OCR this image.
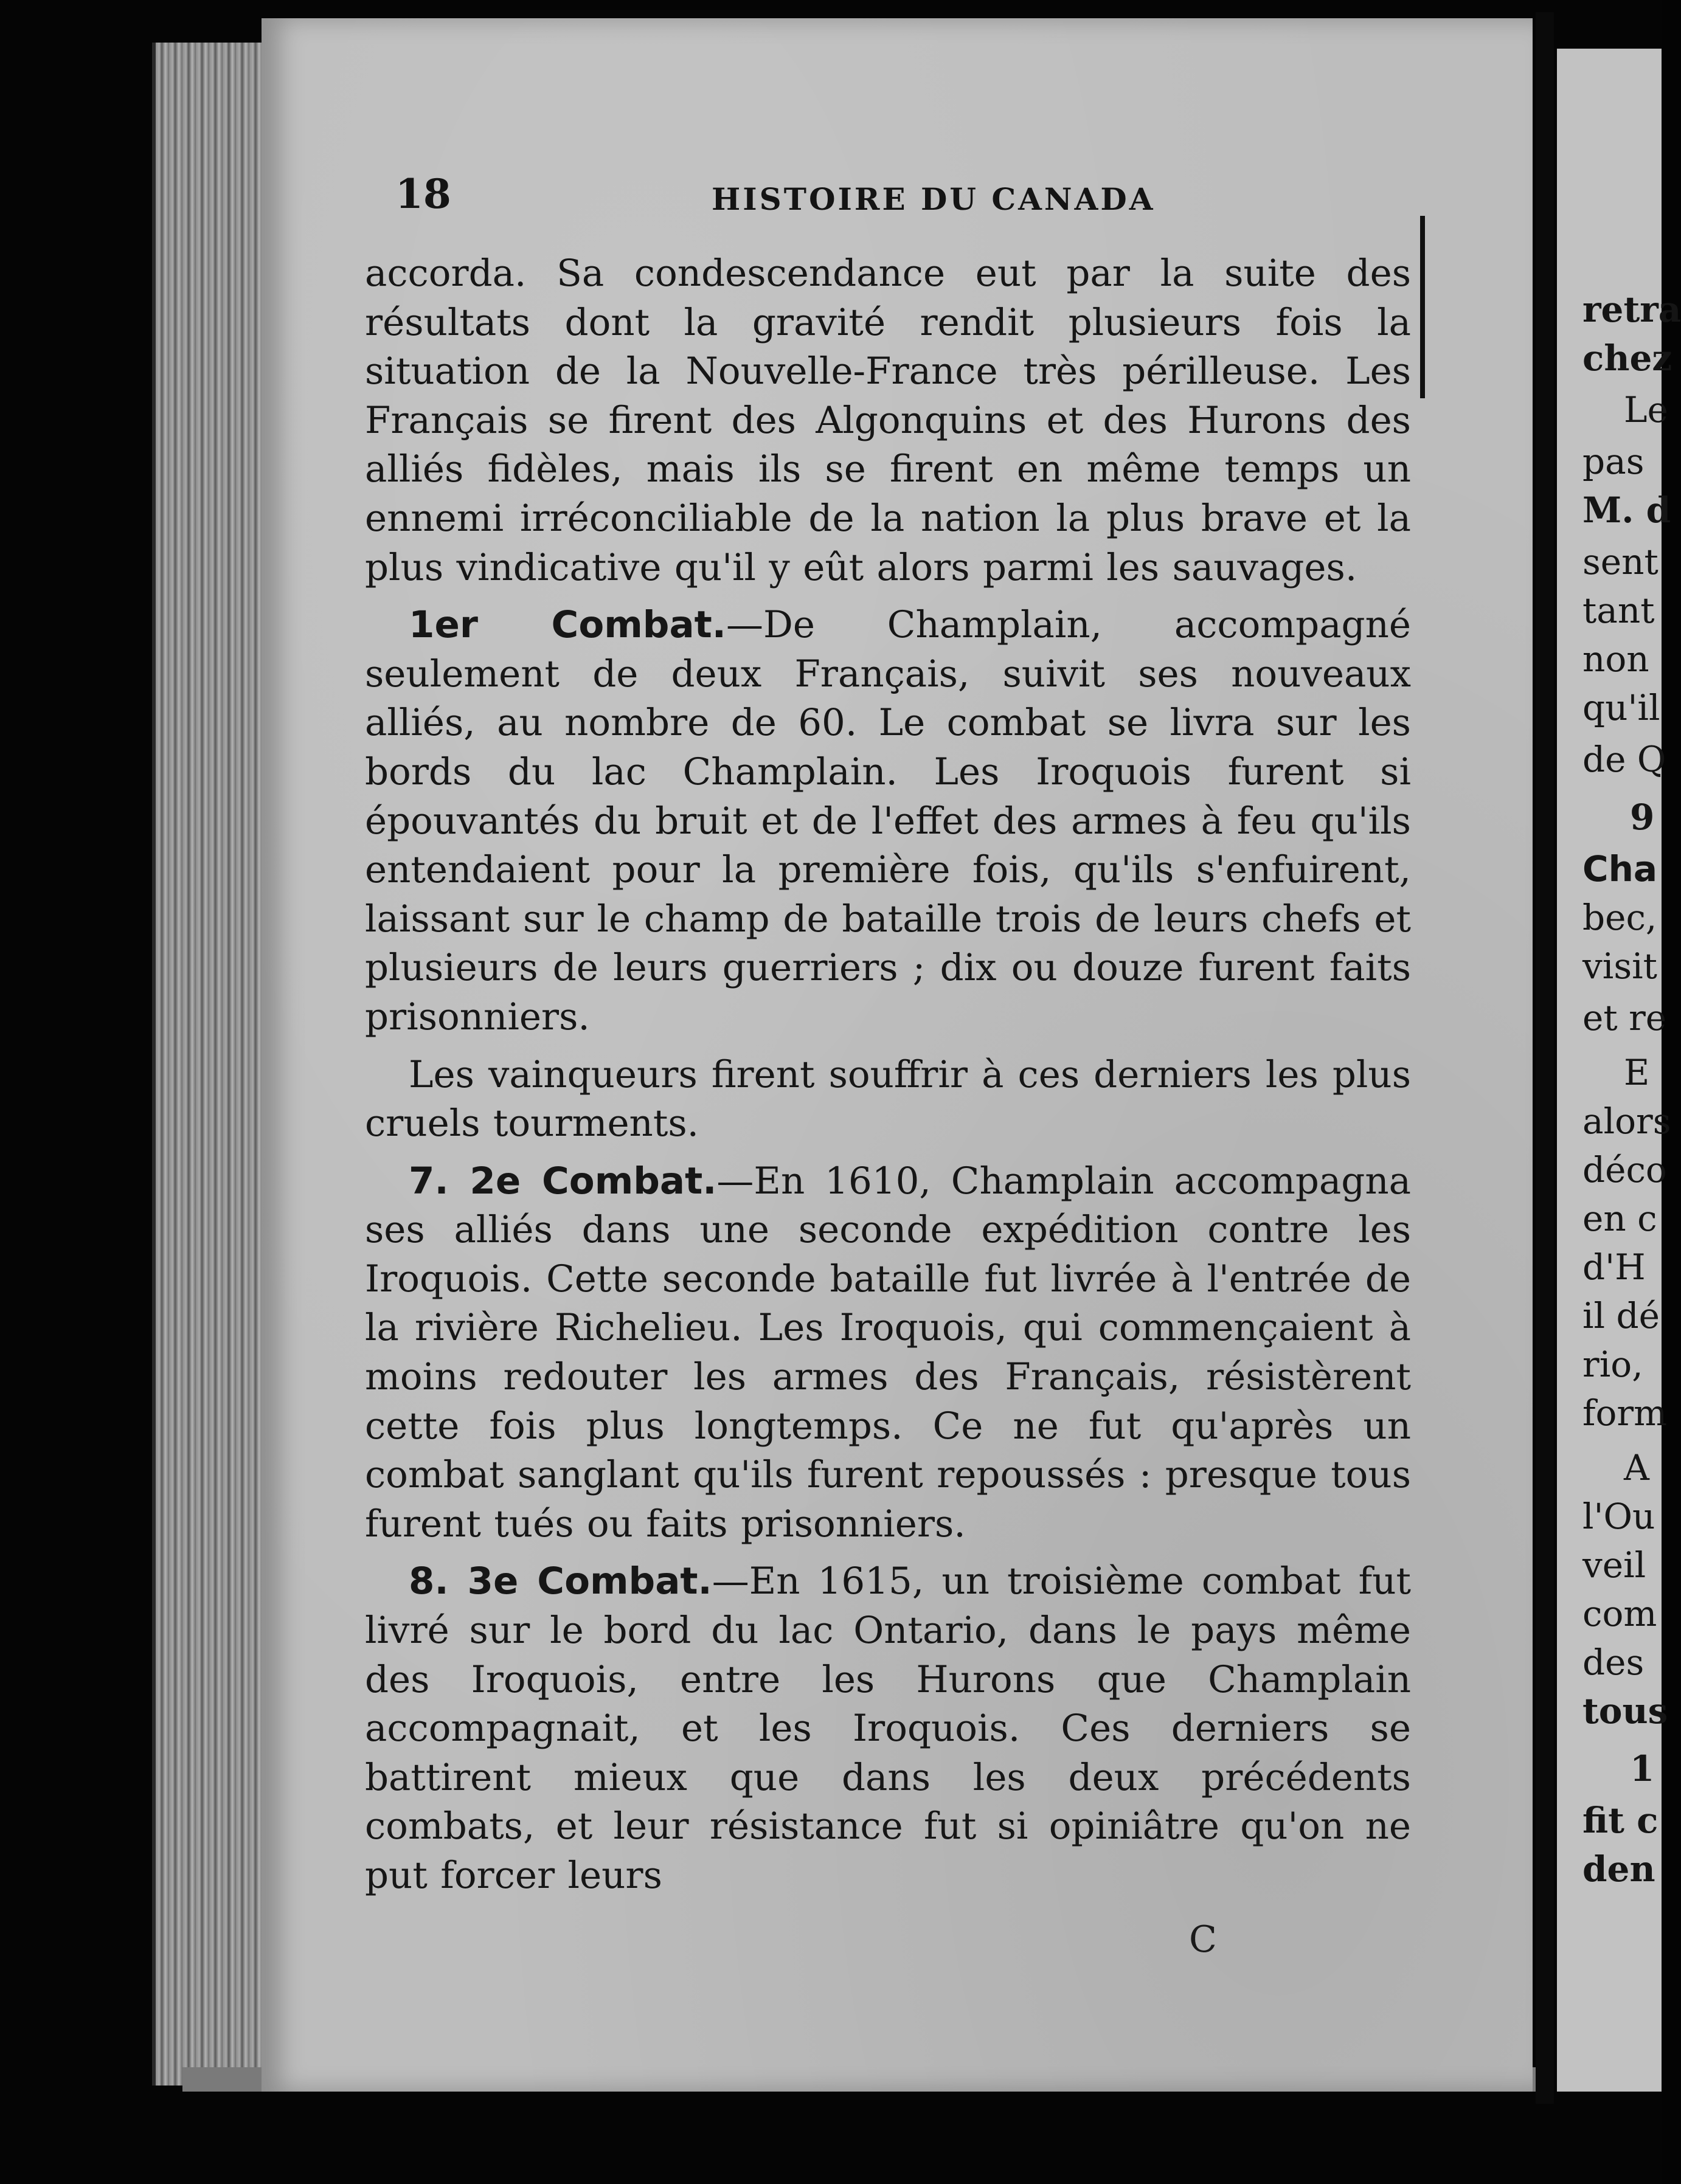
retra
chez
Le
pas
M. d
sent
tant
non
qu'il
de Q
9
Cha
bec,
visit
et re
E
alors
déco
en c
d'H
il dé
rio,
form
A
l'Ou
veil
com
des
tous
1
fit c
den
18	HISTOIRE DU CANADA

accorda. Sa condescendance eut par la suite des résultats dont la gravité rendit plusieurs fois la situation de la Nouvelle-France très périlleuse. Les Français se firent des Algonquins et des Hurons des alliés fidèles, mais ils se firent en même temps un ennemi irréconciliable de la nation la plus brave et la plus vindicative qu'il y eût alors parmi les sauvages.

1er Combat.—De Champlain, accompagné seulement de deux Français, suivit ses nouveaux alliés, au nombre de 60. Le combat se livra sur les bords du lac Champlain. Les Iroquois furent si épouvantés du bruit et de l'effet des armes à feu qu'ils entendaient pour la première fois, qu'ils s'enfuirent, laissant sur le champ de bataille trois de leurs chefs et plusieurs de leurs guerriers ; dix ou douze furent faits prisonniers.

Les vainqueurs firent souffrir à ces derniers les plus cruels tourments.

7. 2e Combat.—En 1610, Champlain accompagna ses alliés dans une seconde expédition contre les Iroquois. Cette seconde bataille fut livrée à l'entrée de la rivière Richelieu. Les Iroquois, qui commençaient à moins redouter les armes des Français, résistèrent cette fois plus longtemps. Ce ne fut qu'après un combat sanglant qu'ils furent repoussés : presque tous furent tués ou faits prisonniers.

8. 3e Combat.—En 1615, un troisième combat fut livré sur le bord du lac Ontario, dans le pays même des Iroquois, entre les Hurons que Champlain accompagnait, et les Iroquois. Ces derniers se battirent mieux que dans les deux précédents combats, et leur résistance fut si opiniâtre qu'on ne put forcer leurs

C
